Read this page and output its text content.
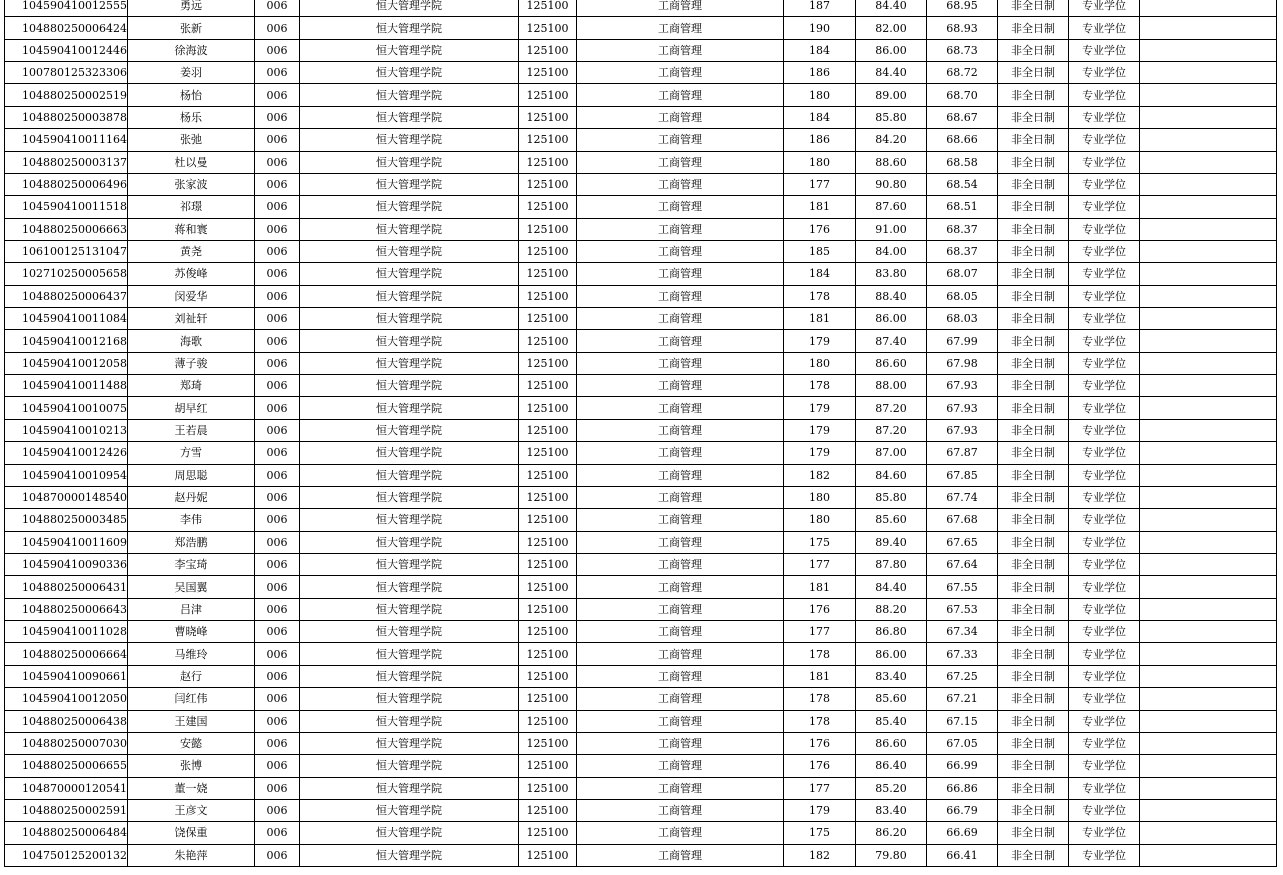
104590410012555	勇远	006	恒大管理学院	125100	工商管理	187	84.40	68.95	非全日制	专业学位	
104880250006424	张新	006	恒大管理学院	125100	工商管理	190	82.00	68.93	非全日制	专业学位	
104590410012446	徐海波	006	恒大管理学院	125100	工商管理	184	86.00	68.73	非全日制	专业学位	
100780125323306	姜羽	006	恒大管理学院	125100	工商管理	186	84.40	68.72	非全日制	专业学位	
104880250002519	杨怡	006	恒大管理学院	125100	工商管理	180	89.00	68.70	非全日制	专业学位	
104880250003878	杨乐	006	恒大管理学院	125100	工商管理	184	85.80	68.67	非全日制	专业学位	
104590410011164	张弛	006	恒大管理学院	125100	工商管理	186	84.20	68.66	非全日制	专业学位	
104880250003137	杜以曼	006	恒大管理学院	125100	工商管理	180	88.60	68.58	非全日制	专业学位	
104880250006496	张家波	006	恒大管理学院	125100	工商管理	177	90.80	68.54	非全日制	专业学位	
104590410011518	祁璟	006	恒大管理学院	125100	工商管理	181	87.60	68.51	非全日制	专业学位	
104880250006663	蒋和寰	006	恒大管理学院	125100	工商管理	176	91.00	68.37	非全日制	专业学位	
106100125131047	黄尧	006	恒大管理学院	125100	工商管理	185	84.00	68.37	非全日制	专业学位	
102710250005658	苏俊峰	006	恒大管理学院	125100	工商管理	184	83.80	68.07	非全日制	专业学位	
104880250006437	闵爱华	006	恒大管理学院	125100	工商管理	178	88.40	68.05	非全日制	专业学位	
104590410011084	刘祉轩	006	恒大管理学院	125100	工商管理	181	86.00	68.03	非全日制	专业学位	
104590410012168	海歌	006	恒大管理学院	125100	工商管理	179	87.40	67.99	非全日制	专业学位	
104590410012058	薄子骏	006	恒大管理学院	125100	工商管理	180	86.60	67.98	非全日制	专业学位	
104590410011488	郑琦	006	恒大管理学院	125100	工商管理	178	88.00	67.93	非全日制	专业学位	
104590410010075	胡早红	006	恒大管理学院	125100	工商管理	179	87.20	67.93	非全日制	专业学位	
104590410010213	王若晨	006	恒大管理学院	125100	工商管理	179	87.20	67.93	非全日制	专业学位	
104590410012426	方雪	006	恒大管理学院	125100	工商管理	179	87.00	67.87	非全日制	专业学位	
104590410010954	周思聪	006	恒大管理学院	125100	工商管理	182	84.60	67.85	非全日制	专业学位	
104870000148540	赵丹妮	006	恒大管理学院	125100	工商管理	180	85.80	67.74	非全日制	专业学位	
104880250003485	李伟	006	恒大管理学院	125100	工商管理	180	85.60	67.68	非全日制	专业学位	
104590410011609	郑浩鹏	006	恒大管理学院	125100	工商管理	175	89.40	67.65	非全日制	专业学位	
104590410090336	李宝琦	006	恒大管理学院	125100	工商管理	177	87.80	67.64	非全日制	专业学位	
104880250006431	吴国翼	006	恒大管理学院	125100	工商管理	181	84.40	67.55	非全日制	专业学位	
104880250006643	吕津	006	恒大管理学院	125100	工商管理	176	88.20	67.53	非全日制	专业学位	
104590410011028	曹晓峰	006	恒大管理学院	125100	工商管理	177	86.80	67.34	非全日制	专业学位	
104880250006664	马维玲	006	恒大管理学院	125100	工商管理	178	86.00	67.33	非全日制	专业学位	
104590410090661	赵行	006	恒大管理学院	125100	工商管理	181	83.40	67.25	非全日制	专业学位	
104590410012050	闫红伟	006	恒大管理学院	125100	工商管理	178	85.60	67.21	非全日制	专业学位	
104880250006438	王建国	006	恒大管理学院	125100	工商管理	178	85.40	67.15	非全日制	专业学位	
104880250007030	安懿	006	恒大管理学院	125100	工商管理	176	86.60	67.05	非全日制	专业学位	
104880250006655	张博	006	恒大管理学院	125100	工商管理	176	86.40	66.99	非全日制	专业学位	
104870000120541	董一娆	006	恒大管理学院	125100	工商管理	177	85.20	66.86	非全日制	专业学位	
104880250002591	王彦文	006	恒大管理学院	125100	工商管理	179	83.40	66.79	非全日制	专业学位	
104880250006484	饶保重	006	恒大管理学院	125100	工商管理	175	86.20	66.69	非全日制	专业学位	
104750125200132	朱艳萍	006	恒大管理学院	125100	工商管理	182	79.80	66.41	非全日制	专业学位	
